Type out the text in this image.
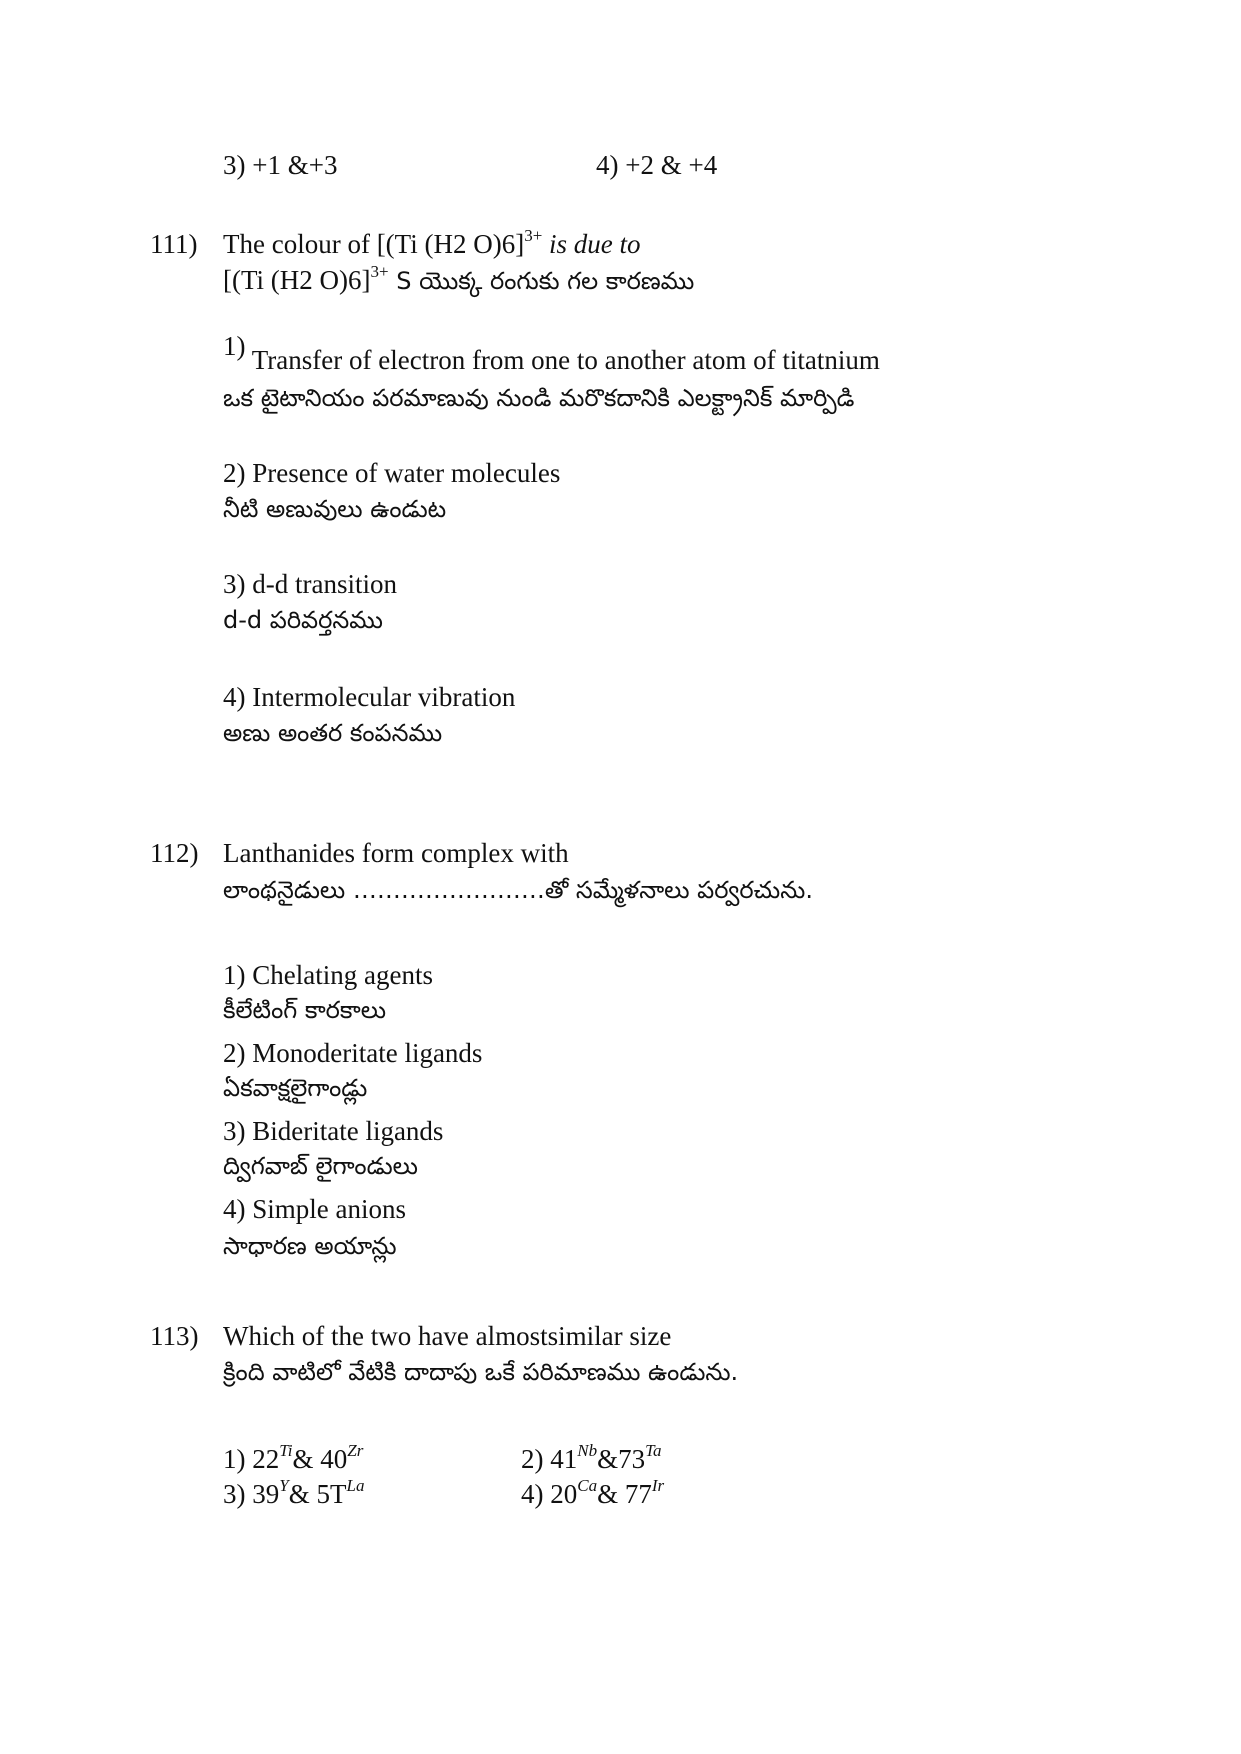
3) +1 &+3	4) +2 & +4
111) The colour of [(Ti (H2 O)6]$^{3+}$ is due to
[(Ti (H2 O)6]$^{3+}$ S యొక్క రంగుకు గల కారణము
$^{1)}$ Transfer of electron from one to another atom of titatnium
ఒక టైటానియం పరమాణువు నుండి మరొకదానికి ఎలక్ట్రానిక్ మార్పిడి
2) Presence of water molecules
నీటి అణువులు ఉండుట
3) d-d transition
d-d పరివర్తనము
4) Intermolecular vibration
అణు అంతర కంపనము
112) Lanthanides form complex with
లాంథనైడులు ……………………తో సమ్మేళనాలు పర్వరచును.
1) Chelating agents
కీలేటింగ్ కారకాలు
2) Monoderitate ligands
ఏకవాక్షలైగాండ్లు
3) Bideritate ligands
ద్విగవాబ్ లైగాండులు
4) Simple anions
సాధారణ అయాన్లు
113) Which of the two have almostsimilar size
క్రింది వాటిలో వేటికి దాదాపు ఒకే పరిమాణము ఉండును.
1) $22^{Ti}\&$ $40^{Zr}$	2) $41^{Nb}\&73^{Ta}$
3) $39^Y\&$ $5T^{La}$	4) $20^{Ca}\&$ $77^{Ir}$
